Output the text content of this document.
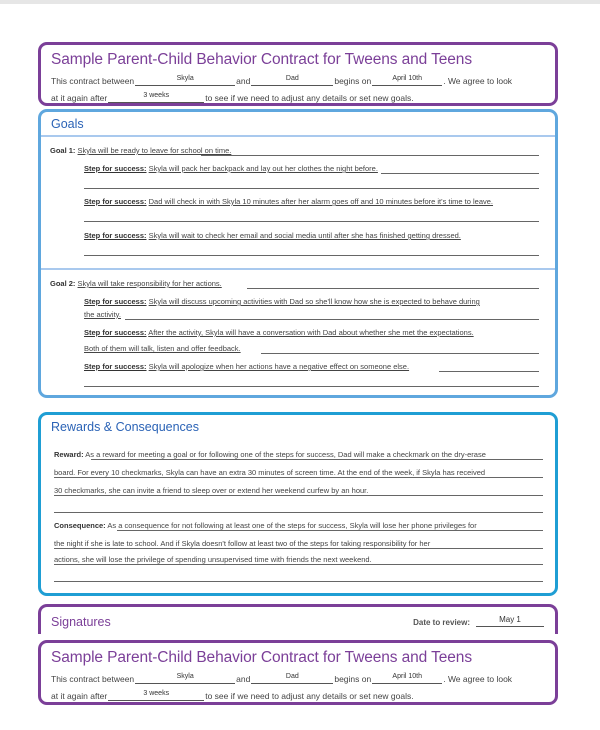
Sample Parent-Child Behavior Contract for Tweens and Teens
This contract between	Skyla	and	Dad	begins on	April 10th	. We agree to look
at it again after	3 weeks	to see if we need to adjust any details or set new goals.
Goals
Goal 1: Skyla will be ready to leave for school on time.
Step for success: Skyla will pack her backpack and lay out her clothes the night before.
Step for success: Dad will check in with Skyla 10 minutes after her alarm goes off and 10 minutes before it's time to leave.
Step for success: Skyla will wait to check her email and social media until after she has finished getting dressed.
Goal 2: Skyla will take responsibility for her actions.
Step for success: Skyla will discuss upcoming activities with Dad so she'll know how she is expected to behave during
the activity.
Step for success: After the activity, Skyla will have a conversation with Dad about whether she met the expectations.
Both of them will talk, listen and offer feedback.
Step for success: Skyla will apologize when her actions have a negative effect on someone else.
Rewards & Consequences
Reward: As a reward for meeting a goal or for following one of the steps for success, Dad will make a checkmark on the dry-erase
board. For every 10 checkmarks, Skyla can have an extra 30 minutes of screen time. At the end of the week, if Skyla has received
30 checkmarks, she can invite a friend to sleep over or extend her weekend curfew by an hour.
Consequence: As a consequence for not following at least one of the steps for success, Skyla will lose her phone privileges for
the night if she is late to school. And if Skyla doesn't follow at least two of the steps for taking responsibility for her
actions, she will lose the privilege of spending unsupervised time with friends the next weekend.
Signatures	Date to review:	May 1
Sample Parent-Child Behavior Contract for Tweens and Teens
This contract between	Skyla	and	Dad	begins on	April 10th	. We agree to look
at it again after	3 weeks	to see if we need to adjust any details or set new goals.
